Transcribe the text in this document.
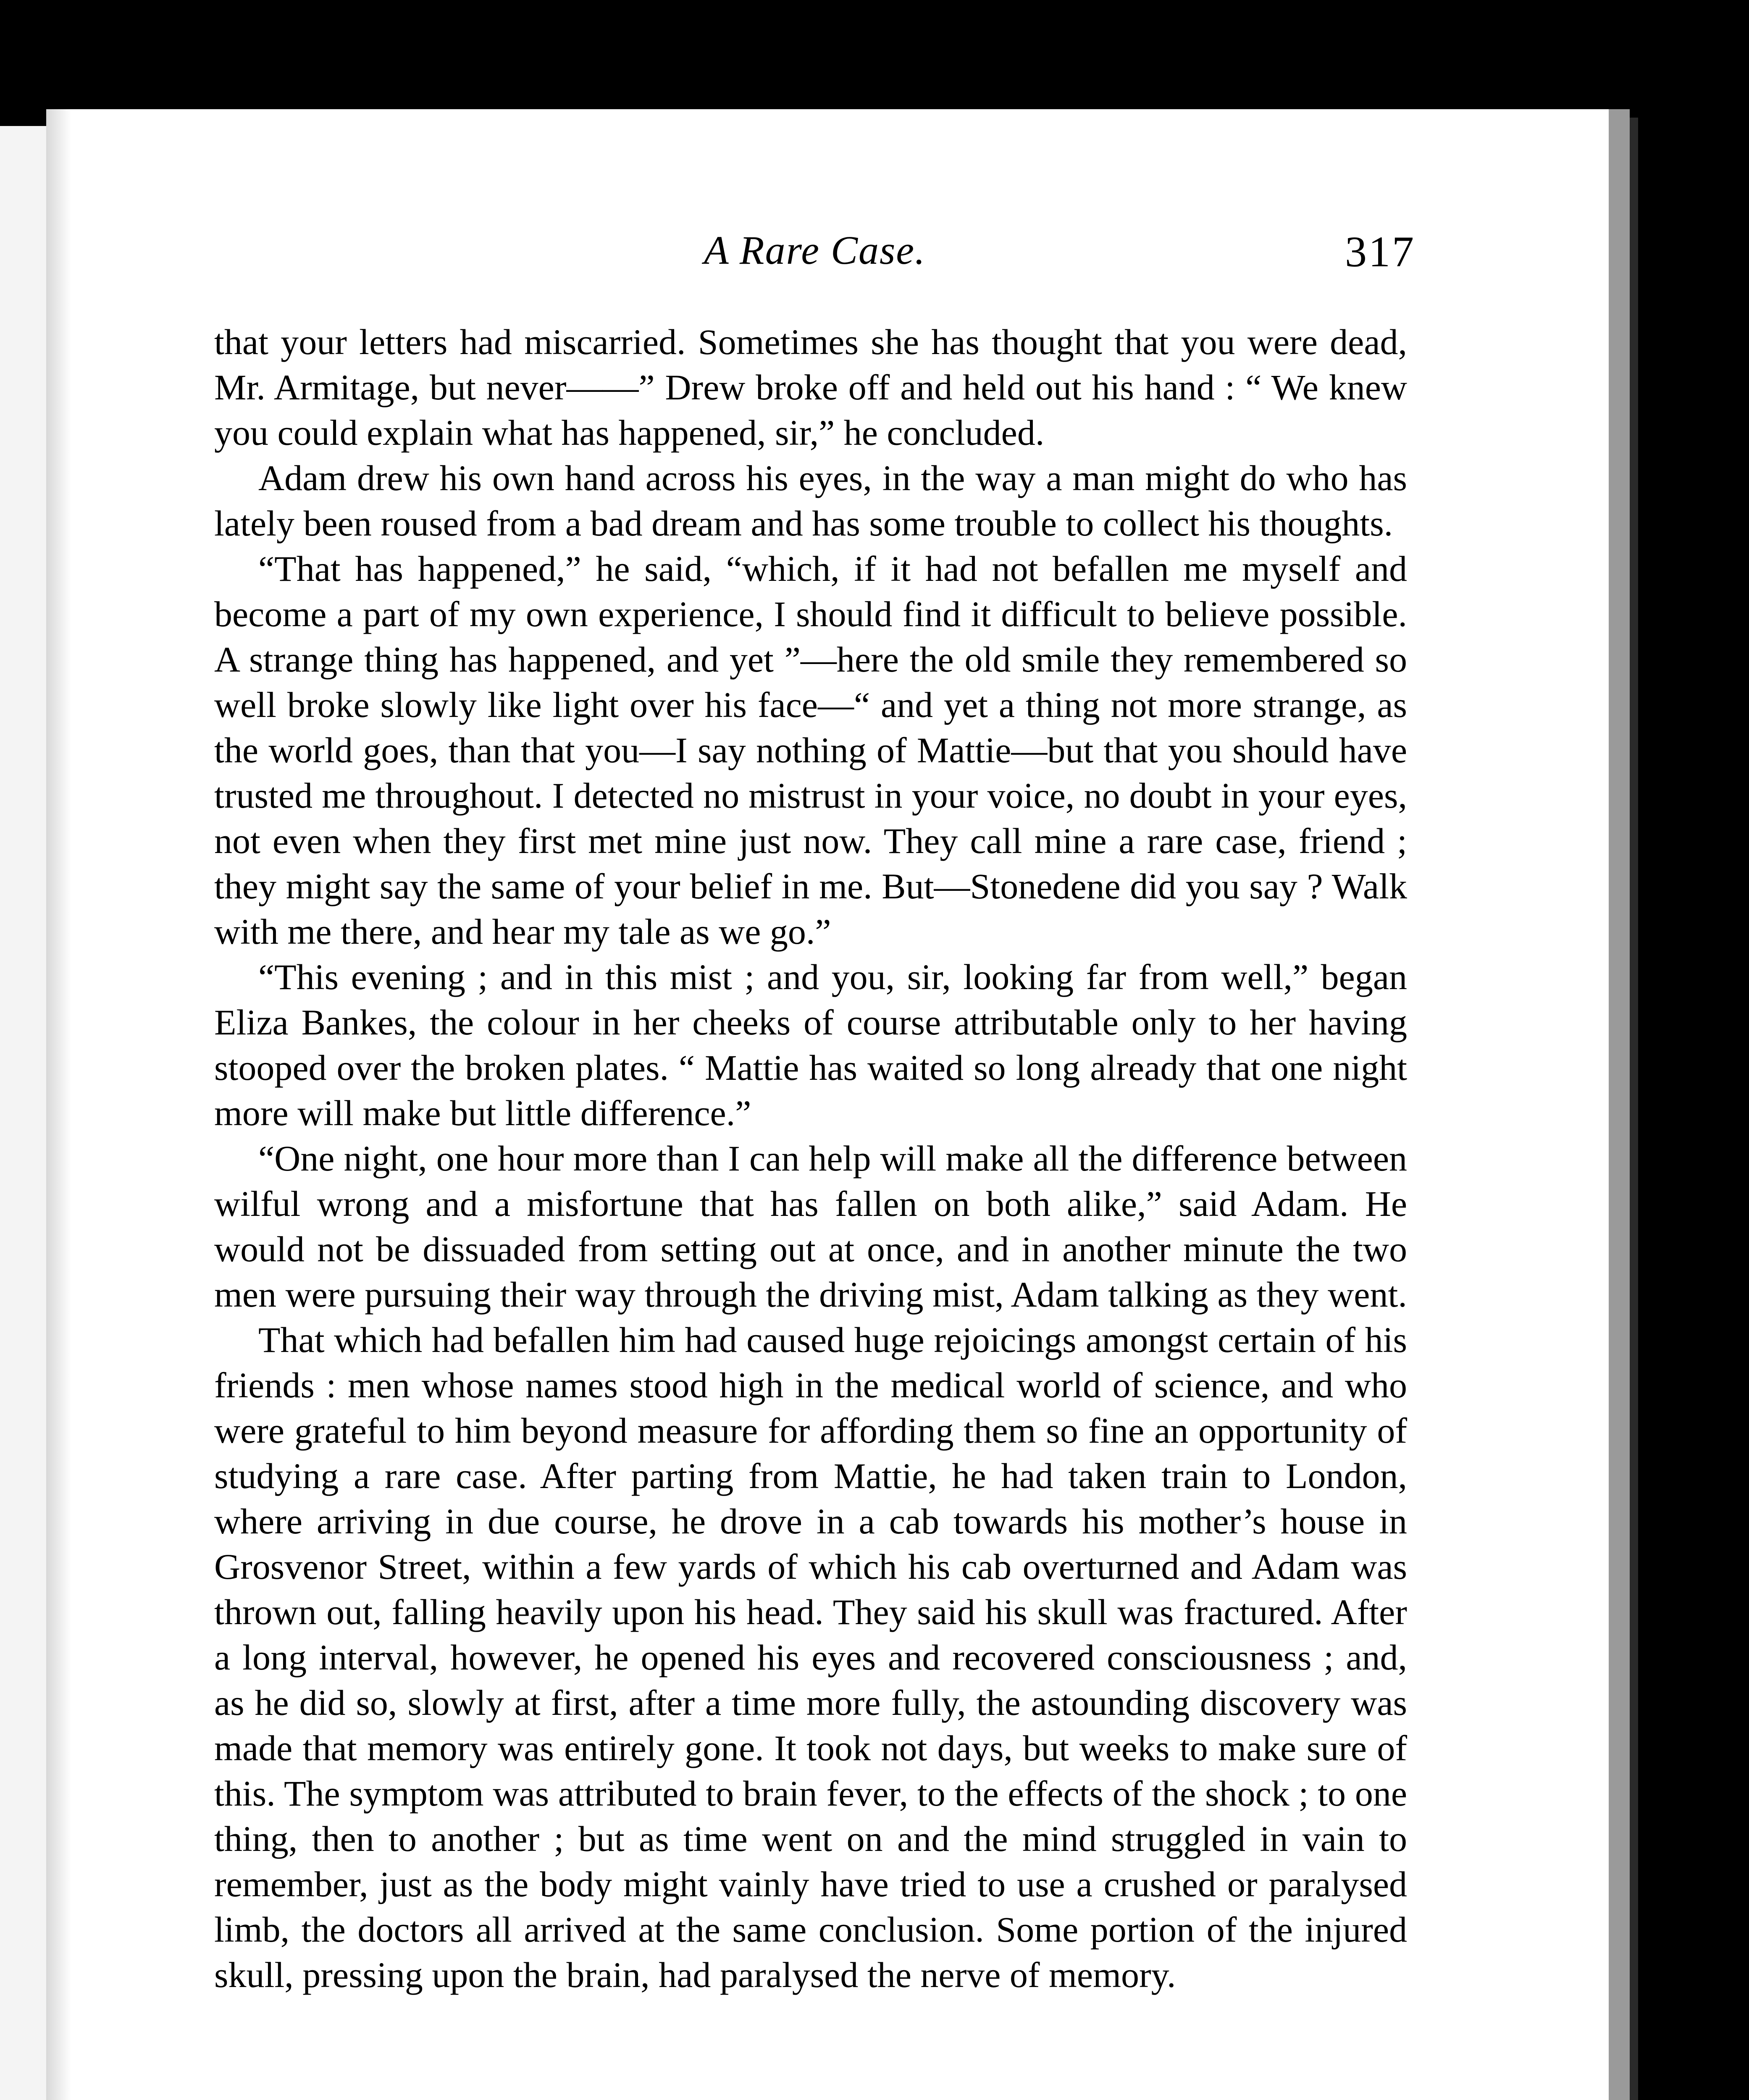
A Rare Case.	317

that your letters had miscarried. Sometimes she has thought that you were dead, Mr. Armitage, but never——” Drew broke off and held out his hand : “ We knew you could explain what has happened, sir,” he concluded.

Adam drew his own hand across his eyes, in the way a man might do who has lately been roused from a bad dream and has some trouble to collect his thoughts.

“That has happened,” he said, “which, if it had not befallen me myself and become a part of my own experience, I should find it difficult to believe possible. A strange thing has happened, and yet ”—here the old smile they remembered so well broke slowly like light over his face—“ and yet a thing not more strange, as the world goes, than that you—I say nothing of Mattie—but that you should have trusted me throughout. I detected no mistrust in your voice, no doubt in your eyes, not even when they first met mine just now. They call mine a rare case, friend ; they might say the same of your belief in me. But—Stonedene did you say ? Walk with me there, and hear my tale as we go.”

“This evening ; and in this mist ; and you, sir, looking far from well,” began Eliza Bankes, the colour in her cheeks of course attributable only to her having stooped over the broken plates. “ Mattie has waited so long already that one night more will make but little difference.”

“One night, one hour more than I can help will make all the difference between wilful wrong and a misfortune that has fallen on both alike,” said Adam. He would not be dissuaded from setting out at once, and in another minute the two men were pursuing their way through the driving mist, Adam talking as they went.

That which had befallen him had caused huge rejoicings amongst certain of his friends : men whose names stood high in the medical world of science, and who were grateful to him beyond measure for affording them so fine an opportunity of studying a rare case. After parting from Mattie, he had taken train to London, where arriving in due course, he drove in a cab towards his mother’s house in Grosvenor Street, within a few yards of which his cab overturned and Adam was thrown out, falling heavily upon his head. They said his skull was fractured. After a long interval, however, he opened his eyes and recovered consciousness ; and, as he did so, slowly at first, after a time more fully, the astounding discovery was made that memory was entirely gone. It took not days, but weeks to make sure of this. The symptom was attributed to brain fever, to the effects of the shock ; to one thing, then to another ; but as time went on and the mind struggled in vain to remember, just as the body might vainly have tried to use a crushed or paralysed limb, the doctors all arrived at the same conclusion. Some portion of the injured skull, pressing upon the brain, had paralysed the nerve of memory.
